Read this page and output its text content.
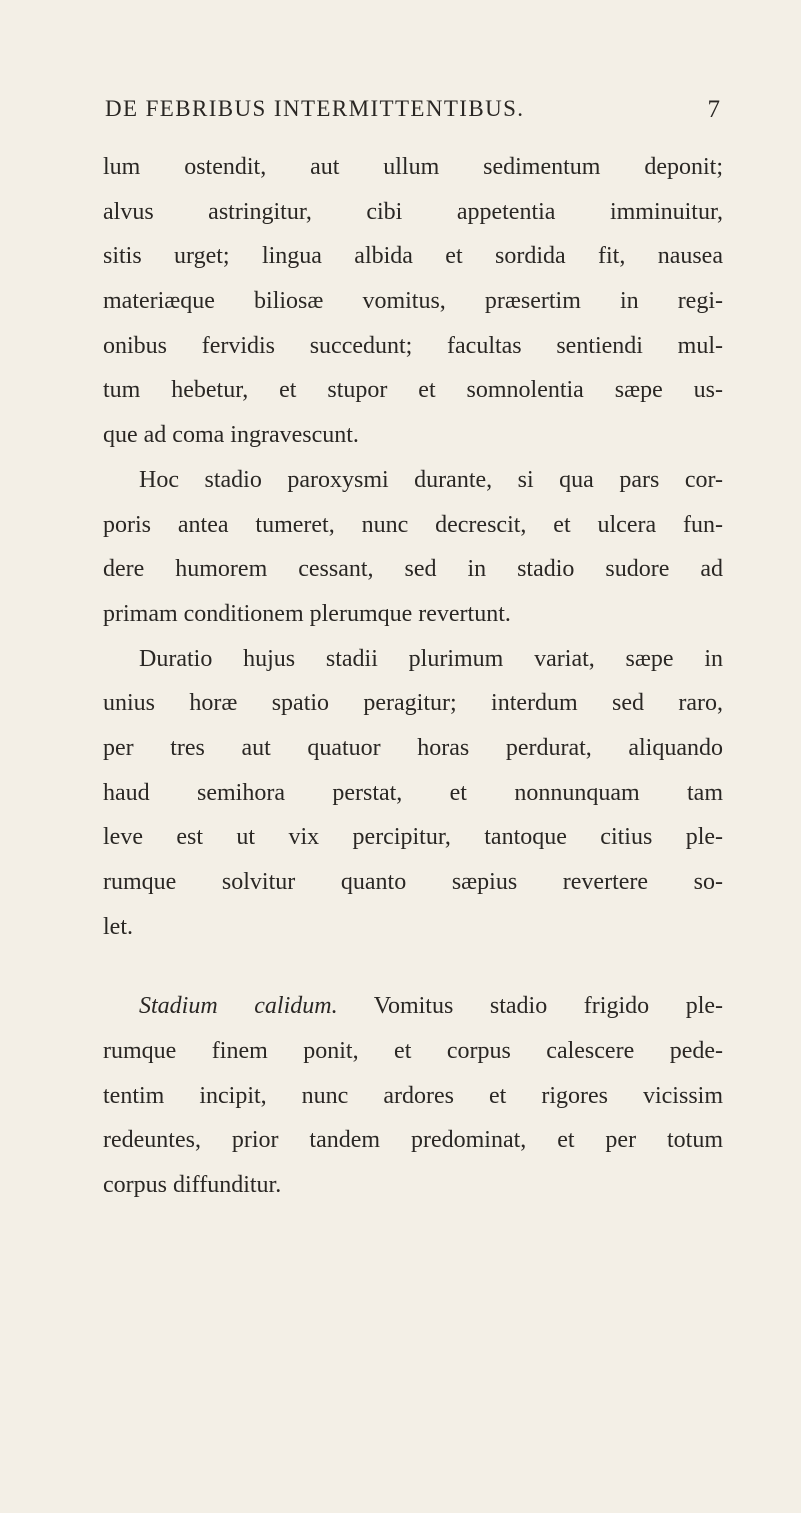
DE FEBRIBUS INTERMITTENTIBUS.	7
lum ostendit, aut ullum sedimentum deponit;
alvus astringitur, cibi appetentia imminuitur,
sitis urget; lingua albida et sordida fit, nausea
materiæque biliosæ vomitus, præsertim in regi-
onibus fervidis succedunt; facultas sentiendi mul-
tum hebetur, et stupor et somnolentia sæpe us-
que ad coma ingravescunt.
Hoc stadio paroxysmi durante, si qua pars cor-
poris antea tumeret, nunc decrescit, et ulcera fun-
dere humorem cessant, sed in stadio sudore ad
primam conditionem plerumque revertunt.
Duratio hujus stadii plurimum variat, sæpe in
unius horæ spatio peragitur; interdum sed raro,
per tres aut quatuor horas perdurat, aliquando
haud semihora perstat, et nonnunquam tam
leve est ut vix percipitur, tantoque citius ple-
rumque solvitur quanto sæpius revertere so-
let.
Stadium calidum. Vomitus stadio frigido ple-
rumque finem ponit, et corpus calescere pede-
tentim incipit, nunc ardores et rigores vicissim
redeuntes, prior tandem predominat, et per totum
corpus diffunditur.
